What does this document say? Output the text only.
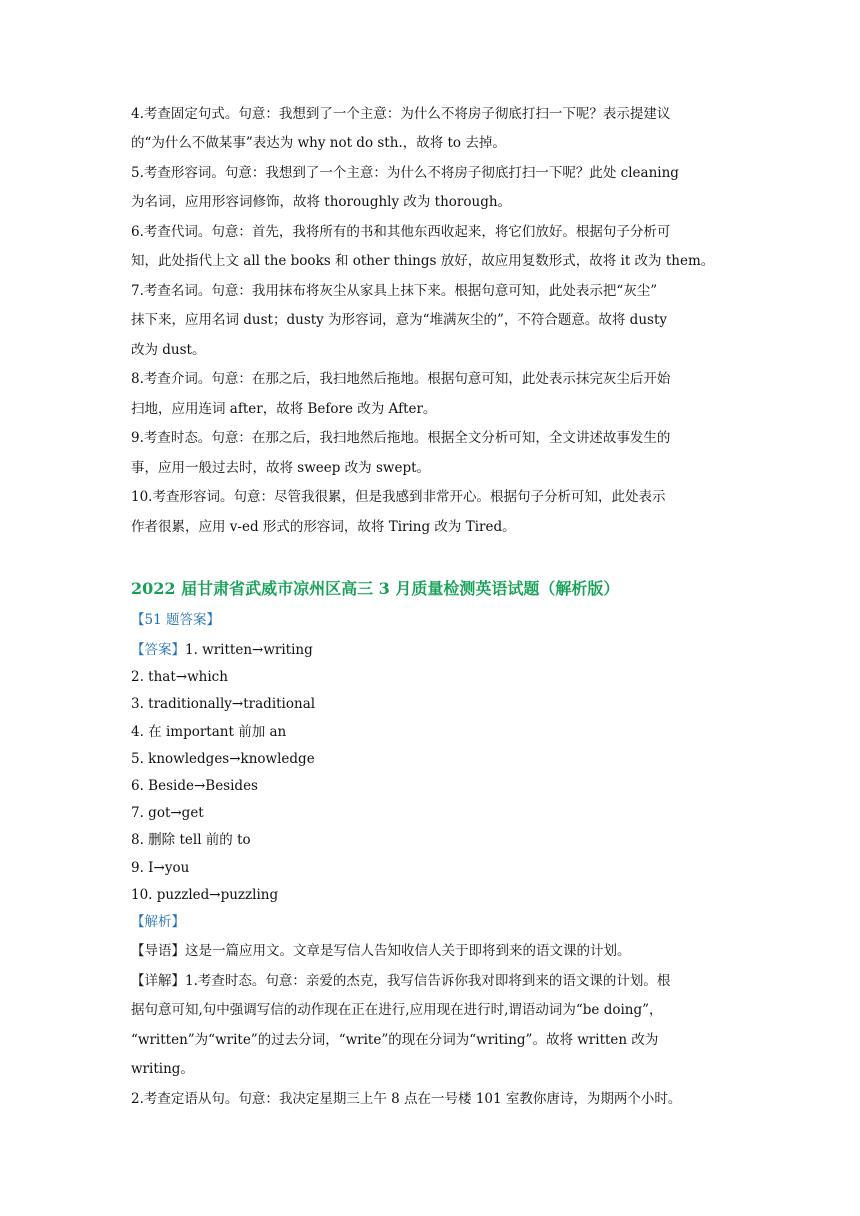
4.考查固定句式。句意：我想到了一个主意：为什么不将房子彻底打扫一下呢？表示提建议

的“为什么不做某事”表达为 why not do sth.，故将 to 去掉。

5.考查形容词。句意：我想到了一个主意：为什么不将房子彻底打扫一下呢？此处 cleaning

为名词，应用形容词修饰，故将 thoroughly 改为 thorough。

6.考查代词。句意：首先，我将所有的书和其他东西收起来，将它们放好。根据句子分析可

知，此处指代上文 all the books 和 other things 放好，故应用复数形式，故将 it 改为 them。

7.考查名词。句意：我用抹布将灰尘从家具上抹下来。根据句意可知，此处表示把“灰尘”

抹下来，应用名词 dust；dusty 为形容词，意为“堆满灰尘的”，不符合题意。故将 dusty

改为 dust。

8.考查介词。句意：在那之后，我扫地然后拖地。根据句意可知，此处表示抹完灰尘后开始

扫地，应用连词 after，故将 Before 改为 After。

9.考查时态。句意：在那之后，我扫地然后拖地。根据全文分析可知，全文讲述故事发生的

事，应用一般过去时，故将 sweep 改为 swept。

10.考查形容词。句意：尽管我很累，但是我感到非常开心。根据句子分析可知，此处表示

作者很累，应用 v-ed 形式的形容词，故将 Tiring 改为 Tired。

2022 届甘肃省武威市凉州区高三 3 月质量检测英语试题（解析版）

【51 题答案】

【答案】1. written→writing

2. that→which

3. traditionally→traditional

4. 在 important 前加 an

5. knowledges→knowledge

6. Beside→Besides

7. got→get

8. 删除 tell 前的 to

9. I→you

10. puzzled→puzzling

【解析】

【导语】这是一篇应用文。文章是写信人告知收信人关于即将到来的语文课的计划。

【详解】1.考查时态。句意：亲爱的杰克，我写信告诉你我对即将到来的语文课的计划。根

据句意可知,句中强调写信的动作现在正在进行,应用现在进行时,谓语动词为“be doing”，

“written”为“write”的过去分词，“write”的现在分词为“writing”。故将 written 改为

writing。

2.考查定语从句。句意：我决定星期三上午 8 点在一号楼 101 室教你唐诗，为期两个小时。
